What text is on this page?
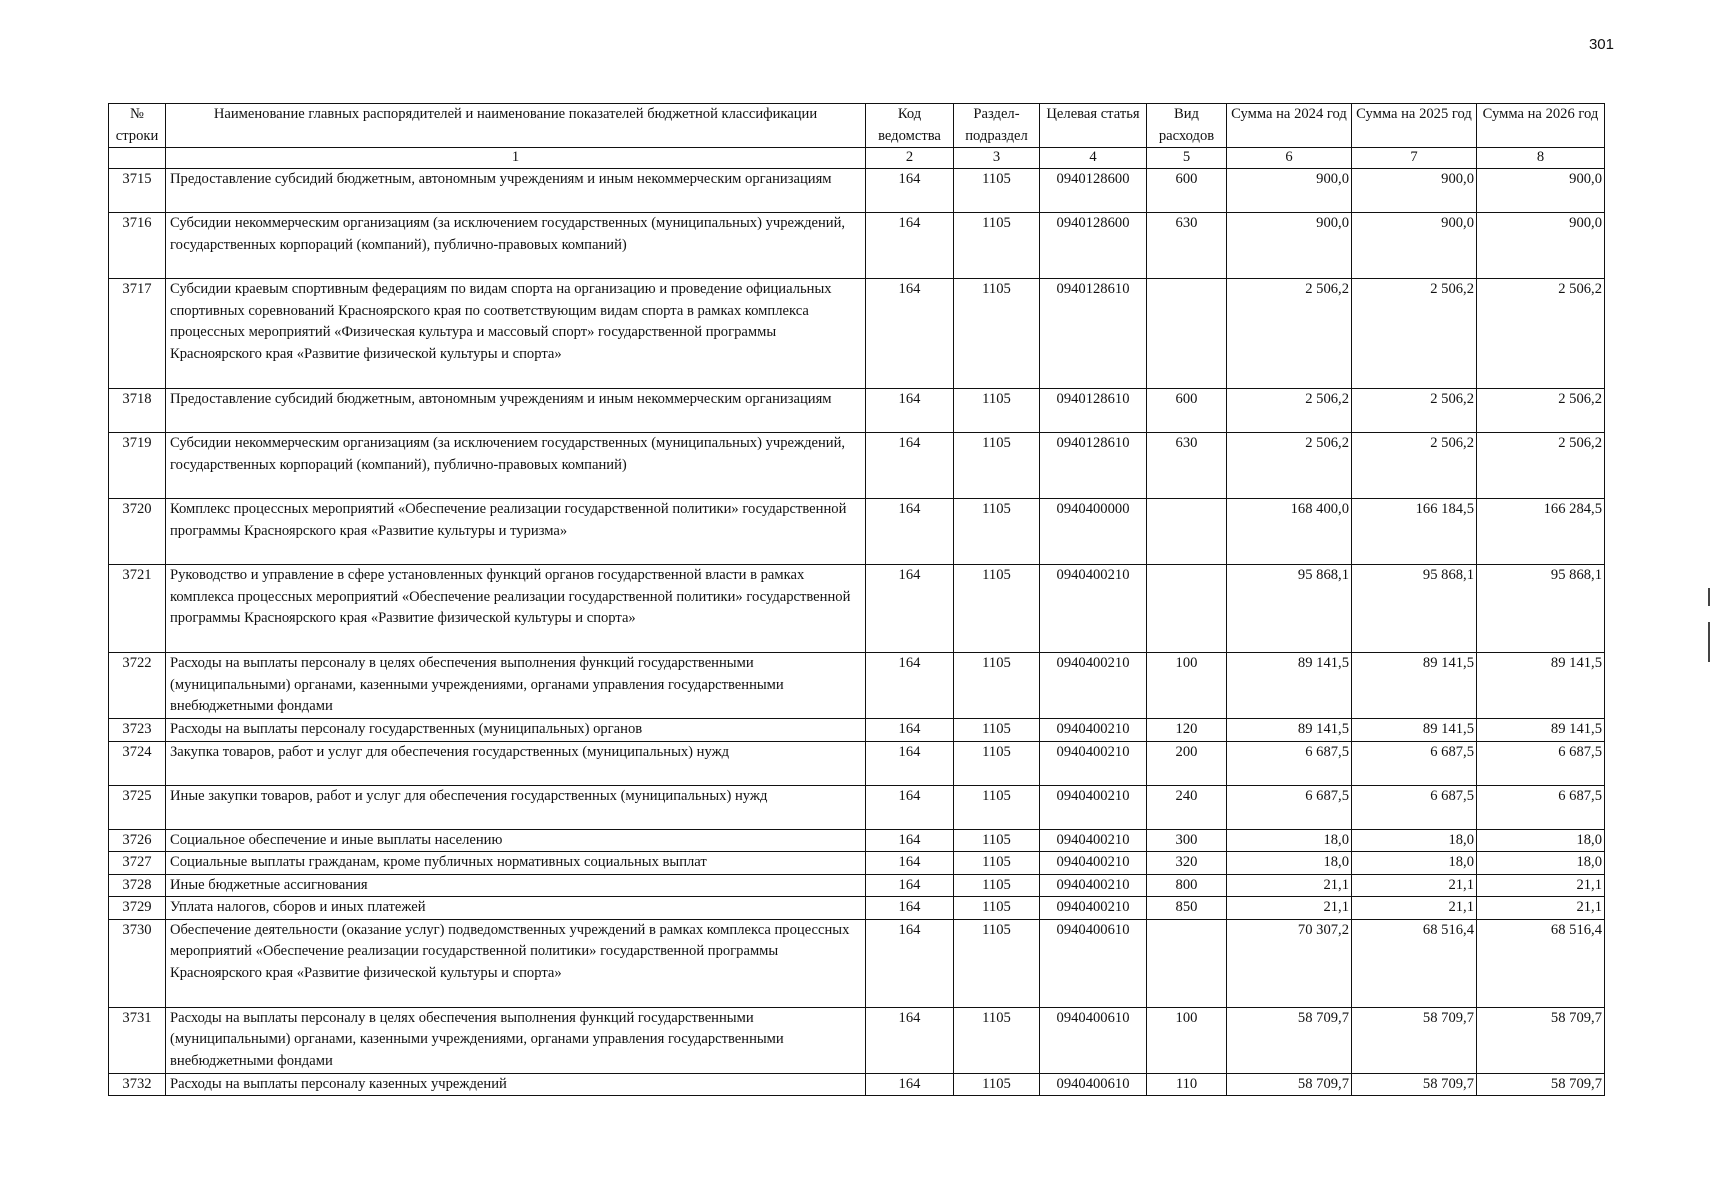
301
№ строки	Наименование главных распорядителей и наименование показателей бюджетной классификации	Код ведомства	Раздел-подраздел	Целевая статья	Вид расходов	Сумма на 2024 год	Сумма на 2025 год	Сумма на 2026 год
	1	2	3	4	5	6	7	8
3715	Предоставление субсидий бюджетным, автономным учреждениям и иным некоммерческим организациям	164	1105	0940128600	600	900,0	900,0	900,0
3716	Субсидии некоммерческим организациям (за исключением государственных (муниципальных) учреждений, государственных корпораций (компаний), публично-правовых компаний)	164	1105	0940128600	630	900,0	900,0	900,0
3717	Субсидии краевым спортивным федерациям по видам спорта на организацию и проведение официальных спортивных соревнований Красноярского края по соответствующим видам спорта в рамках комплекса процессных мероприятий «Физическая культура и массовый спорт» государственной программы Красноярского края «Развитие физической культуры и спорта»	164	1105	0940128610		2 506,2	2 506,2	2 506,2
3718	Предоставление субсидий бюджетным, автономным учреждениям и иным некоммерческим организациям	164	1105	0940128610	600	2 506,2	2 506,2	2 506,2
3719	Субсидии некоммерческим организациям (за исключением государственных (муниципальных) учреждений, государственных корпораций (компаний), публично-правовых компаний)	164	1105	0940128610	630	2 506,2	2 506,2	2 506,2
3720	Комплекс процессных мероприятий «Обеспечение реализации государственной политики» государственной программы Красноярского края «Развитие культуры и туризма»	164	1105	0940400000		168 400,0	166 184,5	166 284,5
3721	Руководство и управление в сфере установленных функций органов государственной власти в рамках комплекса процессных мероприятий «Обеспечение реализации государственной политики» государственной программы Красноярского края «Развитие физической культуры и спорта»	164	1105	0940400210		95 868,1	95 868,1	95 868,1
3722	Расходы на выплаты персоналу в целях обеспечения выполнения функций государственными (муниципальными) органами, казенными учреждениями, органами управления государственными внебюджетными фондами	164	1105	0940400210	100	89 141,5	89 141,5	89 141,5
3723	Расходы на выплаты персоналу государственных (муниципальных) органов	164	1105	0940400210	120	89 141,5	89 141,5	89 141,5
3724	Закупка товаров, работ и услуг для обеспечения государственных (муниципальных) нужд	164	1105	0940400210	200	6 687,5	6 687,5	6 687,5
3725	Иные закупки товаров, работ и услуг для обеспечения государственных (муниципальных) нужд	164	1105	0940400210	240	6 687,5	6 687,5	6 687,5
3726	Социальное обеспечение и иные выплаты населению	164	1105	0940400210	300	18,0	18,0	18,0
3727	Социальные выплаты гражданам, кроме публичных нормативных социальных выплат	164	1105	0940400210	320	18,0	18,0	18,0
3728	Иные бюджетные ассигнования	164	1105	0940400210	800	21,1	21,1	21,1
3729	Уплата налогов, сборов и иных платежей	164	1105	0940400210	850	21,1	21,1	21,1
3730	Обеспечение деятельности (оказание услуг) подведомственных учреждений в рамках комплекса процессных мероприятий «Обеспечение реализации государственной политики» государственной программы Красноярского края «Развитие физической культуры и спорта»	164	1105	0940400610		70 307,2	68 516,4	68 516,4
3731	Расходы на выплаты персоналу в целях обеспечения выполнения функций государственными (муниципальными) органами, казенными учреждениями, органами управления государственными внебюджетными фондами	164	1105	0940400610	100	58 709,7	58 709,7	58 709,7
3732	Расходы на выплаты персоналу казенных учреждений	164	1105	0940400610	110	58 709,7	58 709,7	58 709,7
